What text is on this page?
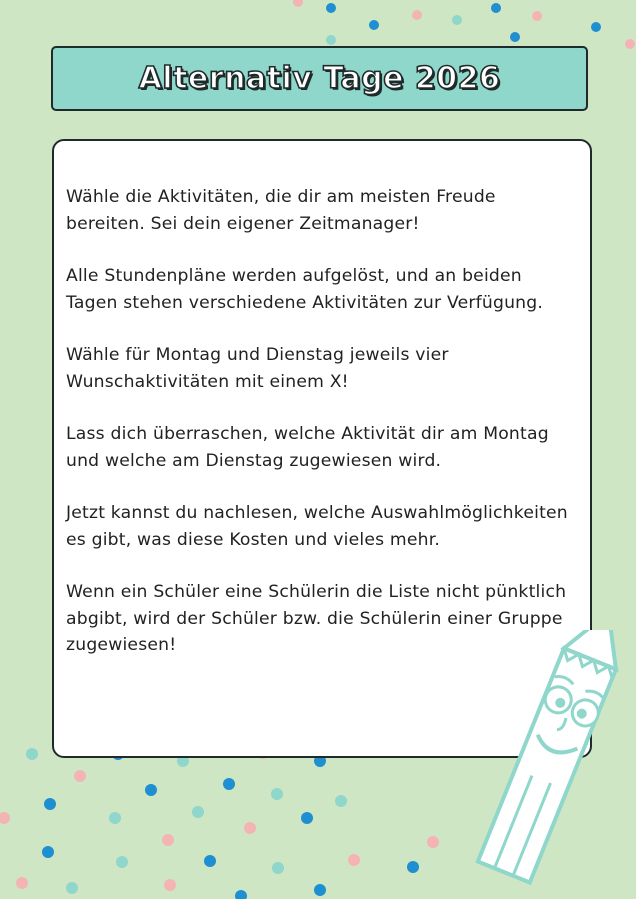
Alternativ Tage 2026

Wähle die Aktivitäten, die dir am meisten Freude bereiten. Sei dein eigener Zeitmanager!

Alle Stundenpläne werden aufgelöst, und an beiden Tagen stehen verschiedene Aktivitäten zur Verfügung.

Wähle für Montag und Dienstag jeweils vier Wunschaktivitäten mit einem X!

Lass dich überraschen, welche Aktivität dir am Montag und welche am Dienstag zugewiesen wird.

Jetzt kannst du nachlesen, welche Auswahlmöglichkeiten es gibt, was diese Kosten und vieles mehr.

Wenn ein Schüler eine Schülerin die Liste nicht pünktlich abgibt, wird der Schüler bzw. die Schülerin einer Gruppe zugewiesen!
